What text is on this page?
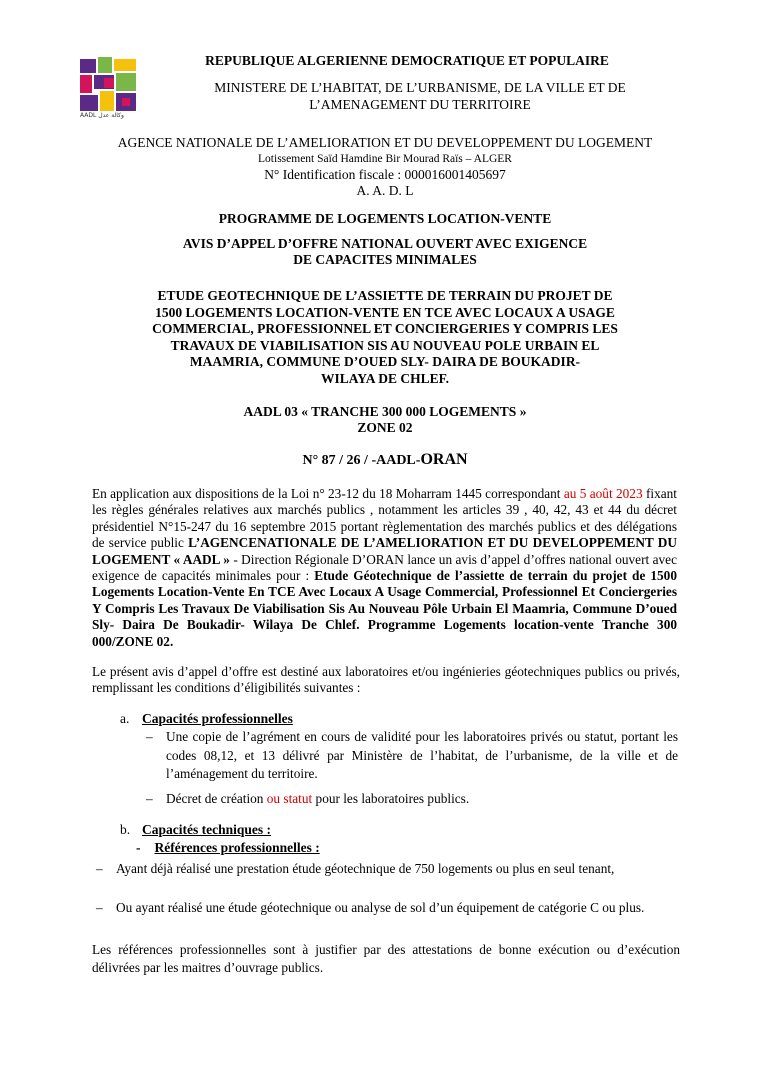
AADL وكالة عدل
REPUBLIQUE ALGERIENNE DEMOCRATIQUE ET POPULAIRE
MINISTERE DE L’HABITAT, DE L’URBANISME, DE LA VILLE ET DE
L’AMENAGEMENT DU TERRITOIRE
AGENCE NATIONALE DE L’AMELIORATION ET DU DEVELOPPEMENT DU LOGEMENT
Lotissement Saïd Hamdine Bir Mourad Raïs – ALGER
N° Identification fiscale : 000016001405697
A. A. D. L
PROGRAMME DE LOGEMENTS LOCATION-VENTE
AVIS D’APPEL D’OFFRE NATIONAL OUVERT AVEC EXIGENCE
DE CAPACITES MINIMALES
ETUDE GEOTECHNIQUE DE L’ASSIETTE DE TERRAIN DU PROJET DE
1500 LOGEMENTS LOCATION-VENTE EN TCE AVEC LOCAUX A USAGE
COMMERCIAL, PROFESSIONNEL ET CONCIERGERIES Y COMPRIS LES
TRAVAUX DE VIABILISATION SIS AU NOUVEAU POLE URBAIN EL
MAAMRIA, COMMUNE D’OUED SLY- DAIRA DE BOUKADIR-
WILAYA DE CHLEF.
AADL 03 « TRANCHE 300 000 LOGEMENTS »
ZONE 02
N° 87 / 26 / -AADL-ORAN
En application aux dispositions de la Loi n° 23-12 du 18 Moharram 1445 correspondant au 5 août 2023 fixant les règles générales relatives aux marchés publics , notamment les articles 39 , 40, 42, 43 et 44 du décret présidentiel N°15-247 du 16 septembre 2015 portant règlementation des marchés publics et des délégations de service public L’AGENCENATIONALE DE L’AMELIORATION ET DU DEVELOPPEMENT DU LOGEMENT « AADL » - Direction Régionale D’ORAN lance un avis d’appel d’offres national ouvert avec exigence de capacités minimales pour : Etude Géotechnique de l’assiette de terrain du projet de 1500 Logements Location-Vente En TCE Avec Locaux A Usage Commercial, Professionnel Et Conciergeries Y Compris Les Travaux De Viabilisation Sis Au Nouveau Pôle Urbain El Maamria, Commune D’oued Sly- Daira De Boukadir- Wilaya De Chlef. Programme Logements location-vente Tranche 300 000/ZONE 02.
Le présent avis d’appel d’offre est destiné aux laboratoires et/ou ingénieries géotechniques publics ou privés, remplissant les conditions d’éligibilités suivantes :
a. Capacités professionnelles
– Une copie de l’agrément en cours de validité pour les laboratoires privés ou statut, portant les codes 08,12, et 13 délivré par Ministère de l’habitat, de l’urbanisme, de la ville et de l’aménagement du territoire.
– Décret de création ou statut pour les laboratoires publics.
b. Capacités techniques :
- Références professionnelles :
– Ayant déjà réalisé une prestation étude géotechnique de 750 logements ou plus en seul tenant,
– Ou ayant réalisé une étude géotechnique ou analyse de sol d’un équipement de catégorie C ou plus.
Les références professionnelles sont à justifier par des attestations de bonne exécution ou d’exécution délivrées par les maitres d’ouvrage publics.
